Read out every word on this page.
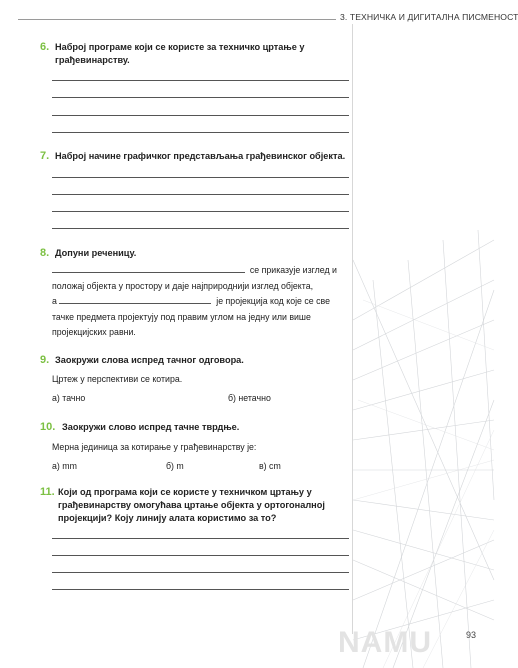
3. ТЕХНИЧКА И ДИГИТАЛНА ПИСМЕНОСТ
6. Наброј програме који се користе за техничко цртање у
грађевинарству.
7. Наброј начине графичког представљања грађевинског објекта.
8. Допуни реченицу.
се приказује изглед и
положај објекта у простору и даје најприроднији изглед објекта,
а	је пројекција код које се све
тачке предмета пројектују под правим углом на једну или више
пројекцијских равни.
9. Заокружи слова испред тачног одговора.
Цртеж у перспективи се котира.
а) тачно	б) нетачно
10. Заокружи слово испред тачне тврдње.
Мерна јединица за котирање у грађевинарству је:
а) mm	б) m	в) cm
11. Који од програма који се користе у техничком цртању у
грађевинарству омогућава цртање објекта у ортогоналној
пројекцији? Коју линију алата користимо за то?
NAMU	93
